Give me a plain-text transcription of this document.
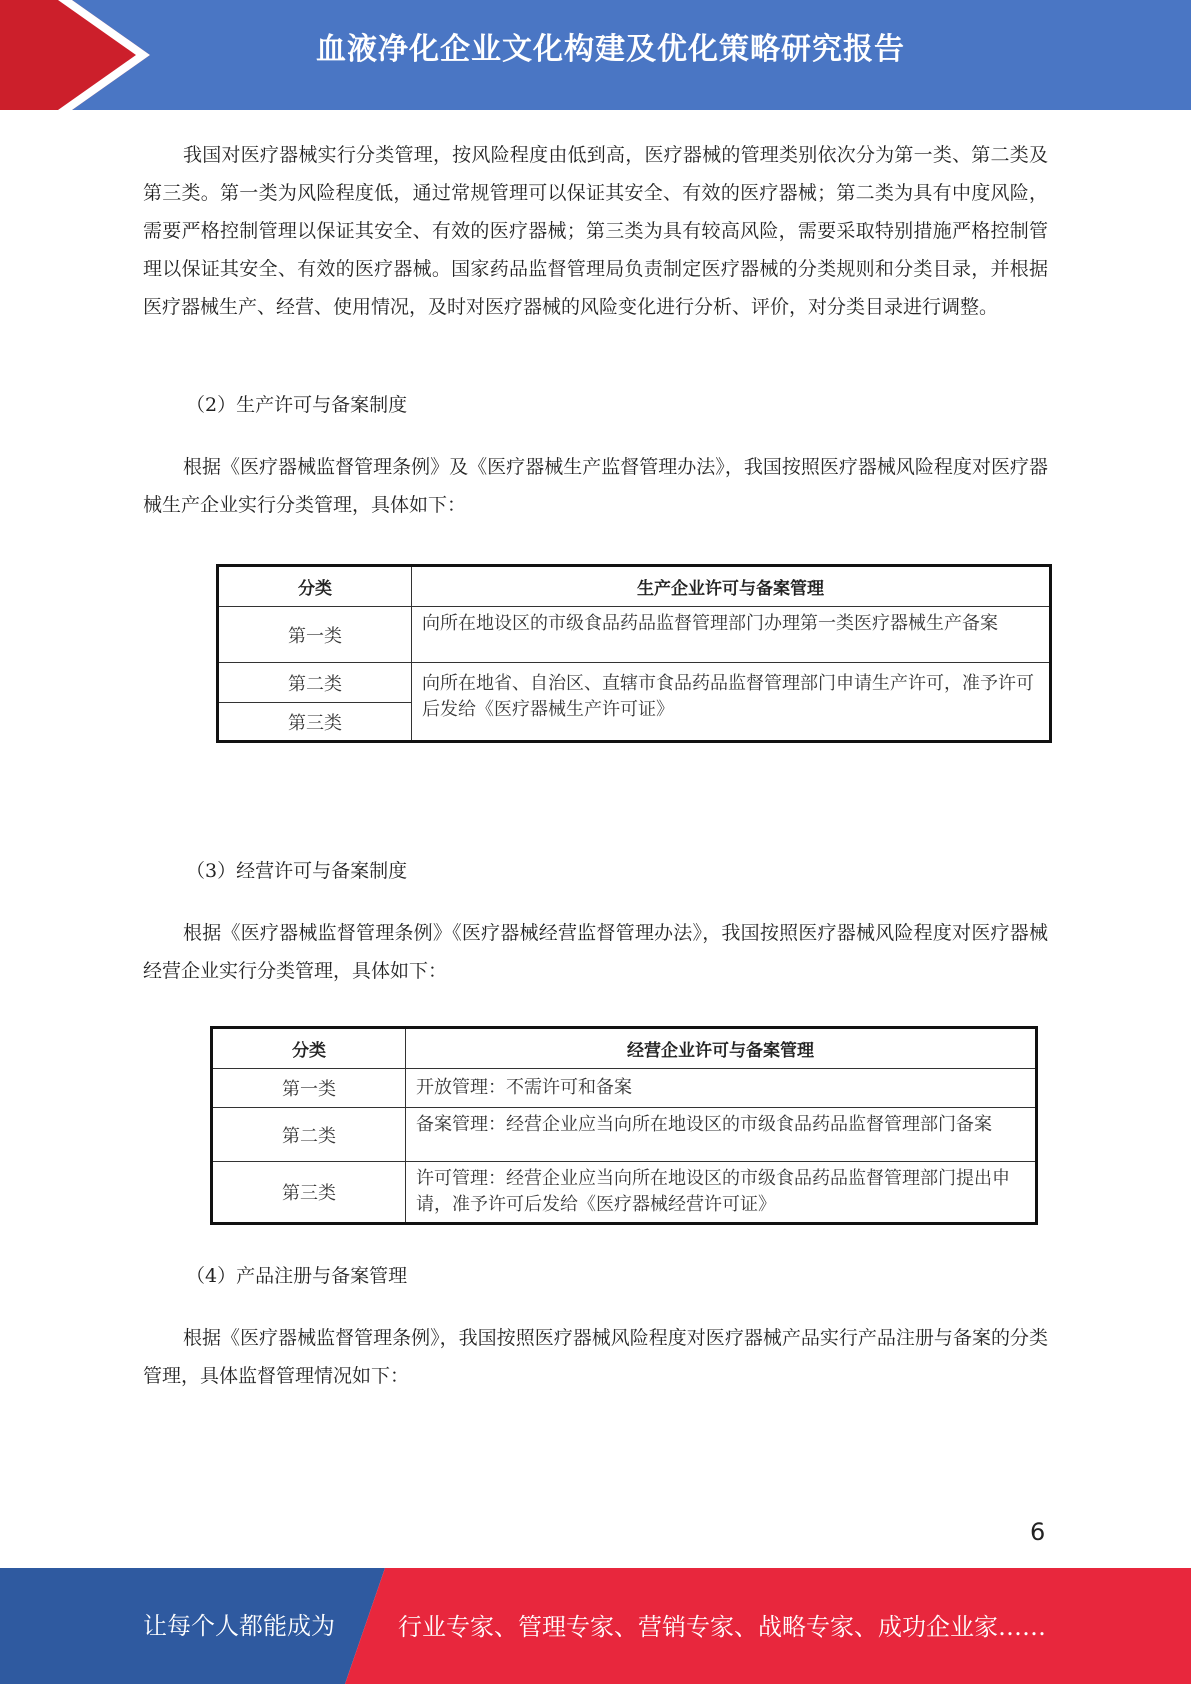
血液净化企业文化构建及优化策略研究报告

我国对医疗器械实行分类管理，按风险程度由低到高，医疗器械的管理类别依次分为第一类、第二类及第三类。第一类为风险程度低，通过常规管理可以保证其安全、有效的医疗器械；第二类为具有中度风险，需要严格控制管理以保证其安全、有效的医疗器械；第三类为具有较高风险，需要采取特别措施严格控制管理以保证其安全、有效的医疗器械。国家药品监督管理局负责制定医疗器械的分类规则和分类目录，并根据医疗器械生产、经营、使用情况，及时对医疗器械的风险变化进行分析、评价，对分类目录进行调整。

（2）生产许可与备案制度

根据《医疗器械监督管理条例》及《医疗器械生产监督管理办法》，我国按照医疗器械风险程度对医疗器械生产企业实行分类管理，具体如下：

分类	生产企业许可与备案管理
第一类	向所在地设区的市级食品药品监督管理部门办理第一类医疗器械生产备案
第二类	向所在地省、自治区、直辖市食品药品监督管理部门申请生产许可，准予许可后发给《医疗器械生产许可证》
第三类	

（3）经营许可与备案制度

根据《医疗器械监督管理条例》《医疗器械经营监督管理办法》，我国按照医疗器械风险程度对医疗器械经营企业实行分类管理，具体如下：

分类	经营企业许可与备案管理
第一类	开放管理：不需许可和备案
第二类	备案管理：经营企业应当向所在地设区的市级食品药品监督管理部门备案
第三类	许可管理：经营企业应当向所在地设区的市级食品药品监督管理部门提出申请，准予许可后发给《医疗器械经营许可证》

（4）产品注册与备案管理

根据《医疗器械监督管理条例》，我国按照医疗器械风险程度对医疗器械产品实行产品注册与备案的分类管理，具体监督管理情况如下：

6
让每个人都能成为	行业专家、管理专家、营销专家、战略专家、成功企业家……
